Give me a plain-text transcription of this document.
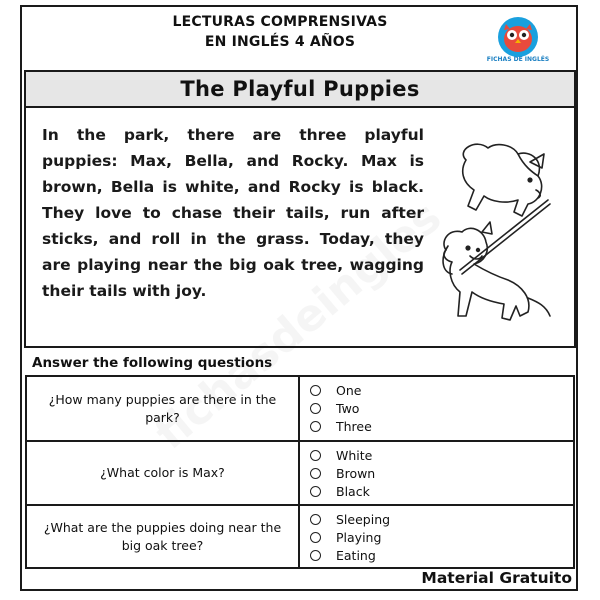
LECTURAS COMPRENSIVAS
EN INGLÉS 4 AÑOS
FICHAS DE INGLÉS
The Playful Puppies
In the park, there are three playful puppies: Max, Bella, and Rocky. Max is brown, Bella is white, and Rocky is black. They love to chase their tails, run after sticks, and roll in the grass. Today, they are playing near the big oak tree, wagging their tails with joy.
Answer the following questions
¿How many puppies are there in the park?
One
Two
Three
¿What color is Max?
White
Brown
Black
¿What are the puppies doing near the big oak tree?
Sleeping
Playing
Eating
Material Gratuito
